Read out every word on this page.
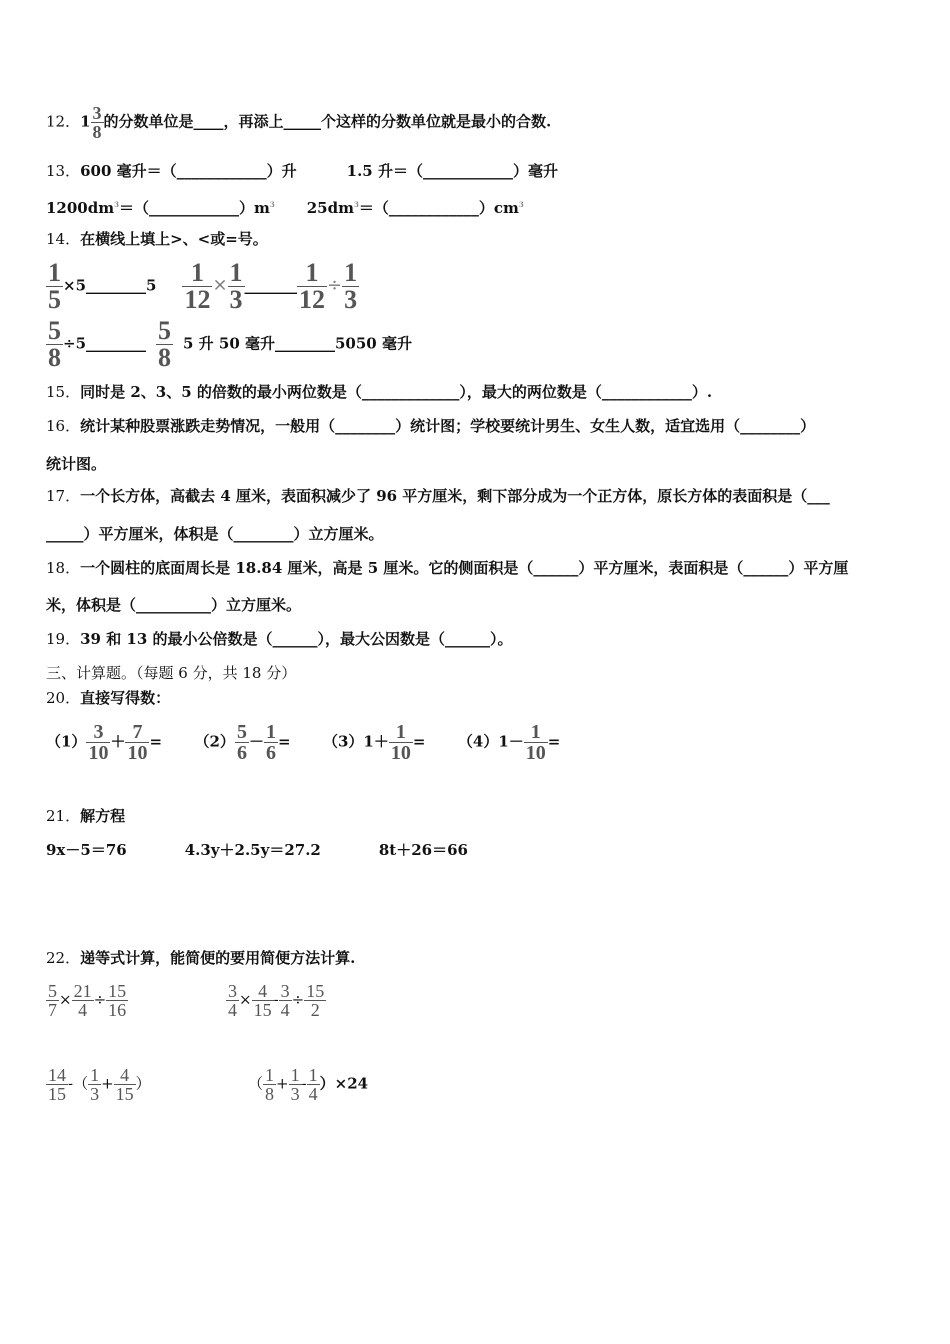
12．$1 \frac{3}{8}$ 的分数单位是____，再添上_____个这样的分数单位就是最小的合数.
13．600 毫升＝（____________）升	1.5 升＝（____________）毫升
$1200dm^3=(\_\_\_\_\_\_\_\_\_\_\_\_)m^3$ $25dm^3=(\_\_\_\_\_\_\_\_\_\_\_\_)cm^3$
14．在横线上填上>、<或=号。
$\frac{1}{5}$ ×5________5 $\frac{1}{12} \times \frac{1}{3}$ _______ $\frac{1}{12} \div \frac{1}{3}$
$\frac{5}{8}$ ÷5________ $\frac{5}{8} 5$ 升 50 毫升________5050 毫升
15．同时是 2、3、5 的倍数的最小两位数是（_____________），最大的两位数是（____________）.
16．统计某种股票涨跌走势情况，一般用（________）统计图；学校要统计男生、女生人数，适宜选用（________）
统计图。
17．一个长方体，高截去 4 厘米，表面积减少了 96 平方厘米，剩下部分成为一个正方体，原长方体的表面积是（___
_____）平方厘米，体积是（________）立方厘米。
18．一个圆柱的底面周长是 18.84 厘米，高是 5 厘米。它的侧面积是（______）平方厘米，表面积是（______）平方厘
米，体积是（__________）立方厘米。
19．39 和 13 的最小公倍数是（______），最大公因数是（______）。
三、计算题。（每题 6 分，共 18 分）
20．直接写得数：
$(1) \frac{3}{10} + \frac{7}{10} = (2) \frac{5}{6} - \frac{1}{6} = (3)1+ \frac{1}{10} = (4)1- \frac{1}{10}$ =
21．解方程
9x－5＝76	4.3y＋2.5y＝27.2	8t＋26＝66
22．递等式计算，能简便的要用简便方法计算.
$\frac{5}{7} \times \frac{21}{4} \div \frac{15}{16}$	$\frac{3}{4} \times \frac{4}{15} - \frac{3}{4} \div \frac{15}{2}$
$\frac{14}{15}$ -（ $\frac{1}{3} + \frac{4}{15}$ ）	（ $\frac{1}{8} + \frac{1}{3} - \frac{1}{4} )\times 24$
